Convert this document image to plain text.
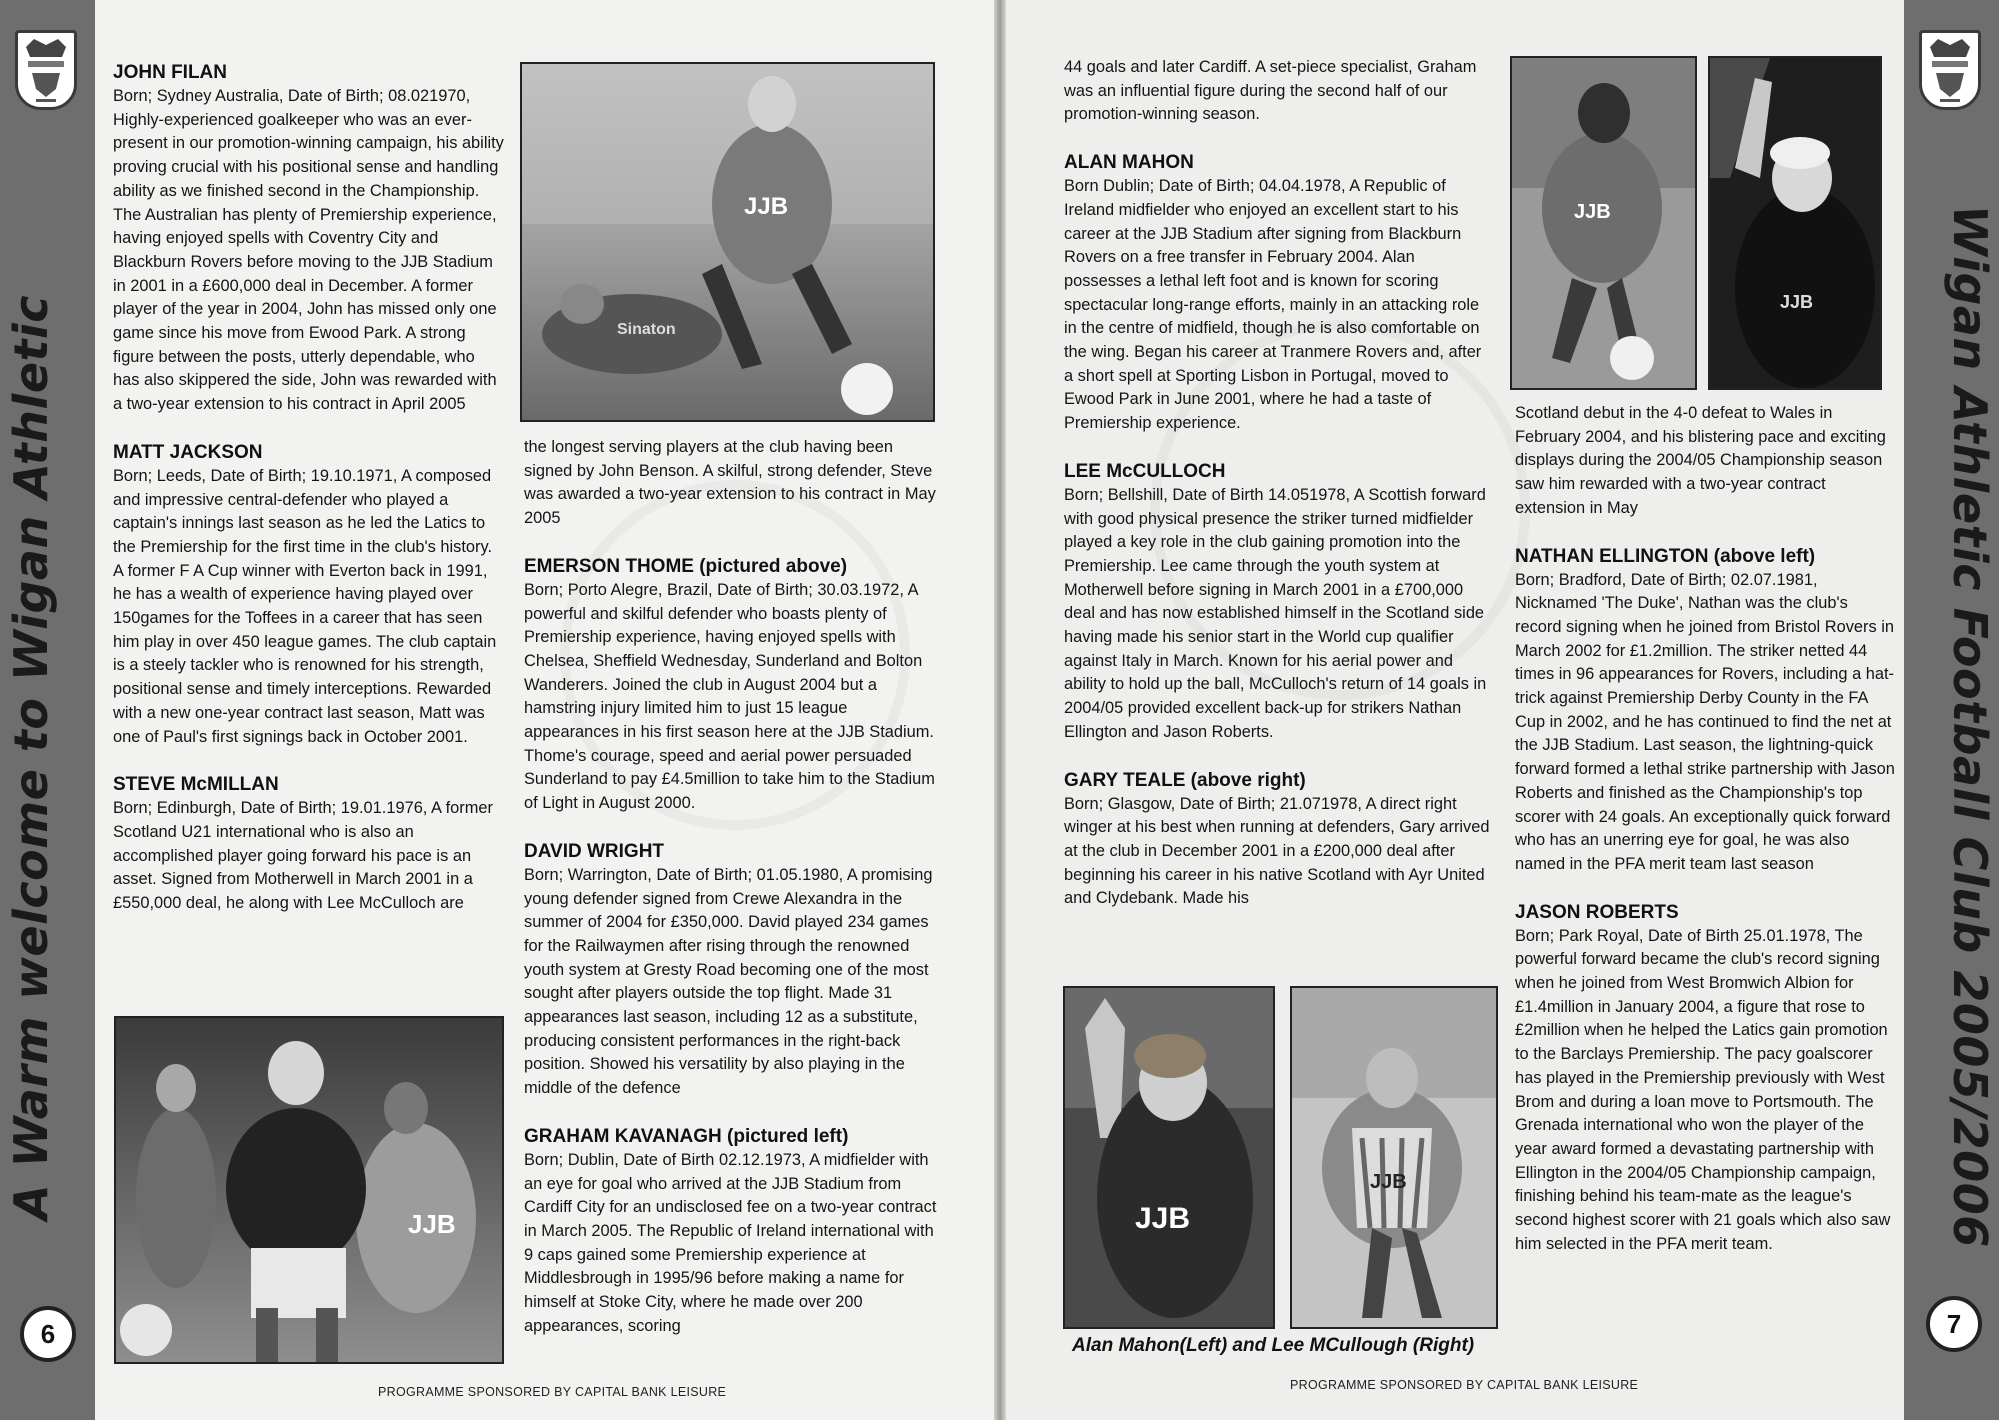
A Warm welcome to Wigan Athletic
6
JOHN FILAN

Born; Sydney Australia, Date of Birth; 08.021970, Highly-experienced goalkeeper who was an ever-present in our promotion-winning campaign, his ability proving crucial with his positional sense and handling ability as we finished second in the Championship. The Australian has plenty of Premiership experience, having enjoyed spells with Coventry City and Blackburn Rovers before moving to the JJB Stadium in 2001 in a £600,000 deal in December. A former player of the year in 2004, John has missed only one game since his move from Ewood Park. A strong figure between the posts, utterly dependable, who has also skippered the side, John was rewarded with a two-year extension to his contract in April 2005

MATT JACKSON

Born; Leeds, Date of Birth; 19.10.1971, A composed and impressive central-defender who played a captain's innings last season as he led the Latics to the Premiership for the first time in the club's history. A former F A Cup winner with Everton back in 1991, he has a wealth of experience having played over 150games for the Toffees in a career that has seen him play in over 450 league games. The club captain is a steely tackler who is renowned for his strength, positional sense and timely interceptions. Rewarded with a new one-year contract last season, Matt was one of Paul's first signings back in October 2001.

STEVE McMILLAN

Born; Edinburgh, Date of Birth; 19.01.1976, A former Scotland U21 international who is also an accomplished player going forward his pace is an asset. Signed from Motherwell in March 2001 in a £550,000 deal, he along with Lee McCulloch are

JJB
JJB
Sinaton

the longest serving players at the club having been signed by John Benson. A skilful, strong defender, Steve was awarded a two-year extension to his contract in May 2005

EMERSON THOME (pictured above)

Born; Porto Alegre, Brazil, Date of Birth; 30.03.1972, A powerful and skilful defender who boasts plenty of Premiership experience, having enjoyed spells with Chelsea, Sheffield Wednesday, Sunderland and Bolton Wanderers. Joined the club in August 2004 but a hamstring injury limited him to just 15 league appearances in his first season here at the JJB Stadium. Thome's courage, speed and aerial power persuaded Sunderland to pay £4.5million to take him to the Stadium of Light in August 2000.

DAVID WRIGHT

Born; Warrington, Date of Birth; 01.05.1980, A promising young defender signed from Crewe Alexandra in the summer of 2004 for £350,000. David played 234 games for the Railwaymen after rising through the renowned youth system at Gresty Road becoming one of the most sought after players outside the top flight. Made 31 appearances last season, including 12 as a substitute, producing consistent performances in the right-back position. Showed his versatility by also playing in the middle of the defence

GRAHAM KAVANAGH (pictured left)

Born; Dublin, Date of Birth 02.12.1973, A midfielder with an eye for goal who arrived at the JJB Stadium from Cardiff City for an undisclosed fee on a two-year contract in March 2005. The Republic of Ireland international with 9 caps gained some Premiership experience at Middlesbrough in 1995/96 before making a name for himself at Stoke City, where he made over 200 appearances, scoring

PROGRAMME SPONSORED BY CAPITAL BANK LEISURE

44 goals and later Cardiff. A set-piece specialist, Graham was an influential figure during the second half of our promotion-winning season.

ALAN MAHON

Born Dublin; Date of Birth; 04.04.1978, A Republic of Ireland midfielder who enjoyed an excellent start to his career at the JJB Stadium after signing from Blackburn Rovers on a free transfer in February 2004. Alan possesses a lethal left foot and is known for scoring spectacular long-range efforts, mainly in an attacking role in the centre of midfield, though he is also comfortable on the wing. Began his career at Tranmere Rovers and, after a short spell at Sporting Lisbon in Portugal, moved to Ewood Park in June 2001, where he had a taste of Premiership experience.

LEE McCULLOCH

Born; Bellshill, Date of Birth 14.051978, A Scottish forward with good physical presence the striker turned midfielder played a key role in the club gaining promotion into the Premiership. Lee came through the youth system at Motherwell before signing in March 2001 in a £700,000 deal and has now established himself in the Scotland side having made his senior start in the World cup qualifier against Italy in March. Known for his aerial power and ability to hold up the ball, McCulloch's return of 14 goals in 2004/05 provided excellent back-up for strikers Nathan Ellington and Jason Roberts.

GARY TEALE (above right)

Born; Glasgow, Date of Birth; 21.071978, A direct right winger at his best when running at defenders, Gary arrived at the club in December 2001 in a £200,000 deal after beginning his career in his native Scotland with Ayr United and Clydebank. Made his

JJB
JJB
Alan Mahon(Left) and Lee MCullough (Right)
JJB
JJB

Scotland debut in the 4-0 defeat to Wales in February 2004, and his blistering pace and exciting displays during the 2004/05 Championship season saw him rewarded with a two-year contract extension in May

NATHAN ELLINGTON (above left)

Born; Bradford, Date of Birth; 02.07.1981, Nicknamed 'The Duke', Nathan was the club's record signing when he joined from Bristol Rovers in March 2002 for £1.2million. The striker netted 44 times in 96 appearances for Rovers, including a hat-trick against Premiership Derby County in the FA Cup in 2002, and he has continued to find the net at the JJB Stadium. Last season, the lightning-quick forward formed a lethal strike partnership with Jason Roberts and finished as the Championship's top scorer with 24 goals. An exceptionally quick forward who has an unerring eye for goal, he was also named in the PFA merit team last season

JASON ROBERTS

Born; Park Royal, Date of Birth 25.01.1978, The powerful forward became the club's record signing when he joined from West Bromwich Albion for £1.4million in January 2004, a figure that rose to £2million when he helped the Latics gain promotion to the Barclays Premiership. The pacy goalscorer has played in the Premiership previously with West Brom and during a loan move to Portsmouth. The Grenada international who won the player of the year award formed a devastating partnership with Ellington in the 2004/05 Championship campaign, finishing behind his team-mate as the league's second highest scorer with 21 goals which also saw him selected in the PFA merit team.

PROGRAMME SPONSORED BY CAPITAL BANK LEISURE
7
Wigan Athletic Football Club 2005/2006
